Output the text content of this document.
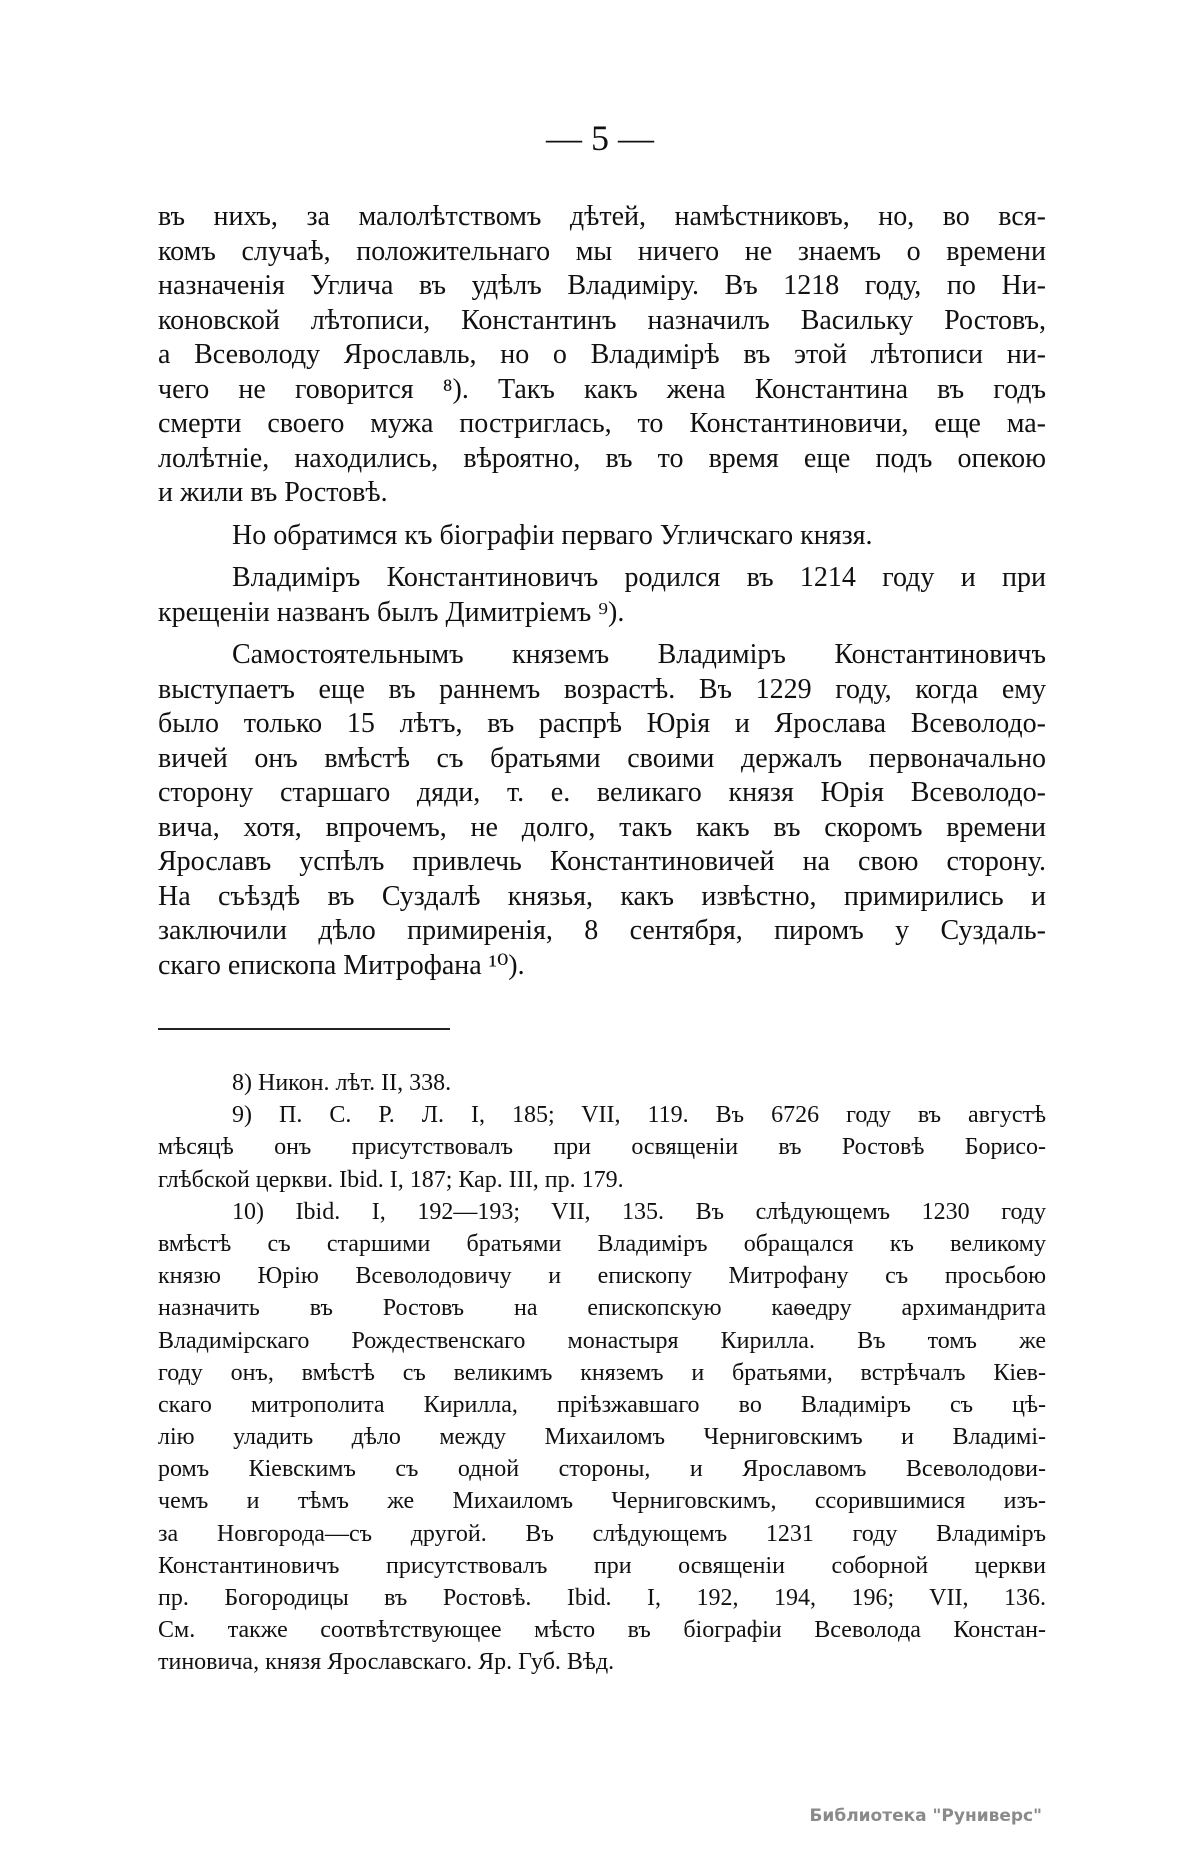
— 5 —
въ нихъ, за малолѣтствомъ дѣтей, намѣстниковъ, но, во вся-
комъ случаѣ, положительнаго мы ничего не знаемъ о времени
назначенія Углича въ удѣлъ Владиміру. Въ 1218 году, по Ни-
коновской лѣтописи, Константинъ назначилъ Васильку Ростовъ,
а Всеволоду Ярославль, но о Владимірѣ въ этой лѣтописи ни-
чего не говорится ⁸). Такъ какъ жена Константина въ годъ
смерти своего мужа постриглась, то Константиновичи, еще ма-
лолѣтніе, находились, вѣроятно, въ то время еще подъ опекою
и жили въ Ростовѣ.
Но обратимся къ біографіи перваго Угличскаго князя.
Владиміръ Константиновичъ родился въ 1214 году и при
крещеніи названъ былъ Димитріемъ ⁹).
Самостоятельнымъ княземъ Владиміръ Константиновичъ
выступаетъ еще въ раннемъ возрастѣ. Въ 1229 году, когда ему
было только 15 лѣтъ, въ распрѣ Юрія и Ярослава Всеволодо-
вичей онъ вмѣстѣ съ братьями своими держалъ первоначально
сторону старшаго дяди, т. е. великаго князя Юрія Всеволодо-
вича, хотя, впрочемъ, не долго, такъ какъ въ скоромъ времени
Ярославъ успѣлъ привлечь Константиновичей на свою сторону.
На съѣздѣ въ Суздалѣ князья, какъ извѣстно, примирились и
заключили дѣло примиренія, 8 сентября, пиромъ у Суздаль-
скаго епископа Митрофана ¹⁰).
8) Никон. лѣт. II, 338.
9) П. С. Р. Л. I, 185; VII, 119. Въ 6726 году въ августѣ
мѣсяцѣ онъ присутствовалъ при освященіи въ Ростовѣ Борисо-
глѣбской церкви. Ibid. I, 187; Кар. III, пр. 179.
10) Ibid. I, 192—193; VII, 135. Въ слѣдующемъ 1230 году
вмѣстѣ съ старшими братьями Владиміръ обращался къ великому
князю Юрію Всеволодовичу и епископу Митрофану съ просьбою
назначить въ Ростовъ на епископскую каѳедру архимандрита
Владимірскаго Рождественскаго монастыря Кирилла. Въ томъ же
году онъ, вмѣстѣ съ великимъ княземъ и братьями, встрѣчалъ Кіев-
скаго митрополита Кирилла, пріѣзжавшаго во Владиміръ съ цѣ-
лію уладить дѣло между Михаиломъ Черниговскимъ и Владимі-
ромъ Кіевскимъ съ одной стороны, и Ярославомъ Всеволодови-
чемъ и тѣмъ же Михаиломъ Черниговскимъ, ссорившимися изъ-
за Новгорода—съ другой. Въ слѣдующемъ 1231 году Владиміръ
Константиновичъ присутствовалъ при освященіи соборной церкви
пр. Богородицы въ Ростовѣ. Ibid. I, 192, 194, 196; VII, 136.
См. также соотвѣтствующее мѣсто въ біографіи Всеволода Констан-
тиновича, князя Ярославскаго. Яр. Губ. Вѣд.
Библиотека "Руниверс"
